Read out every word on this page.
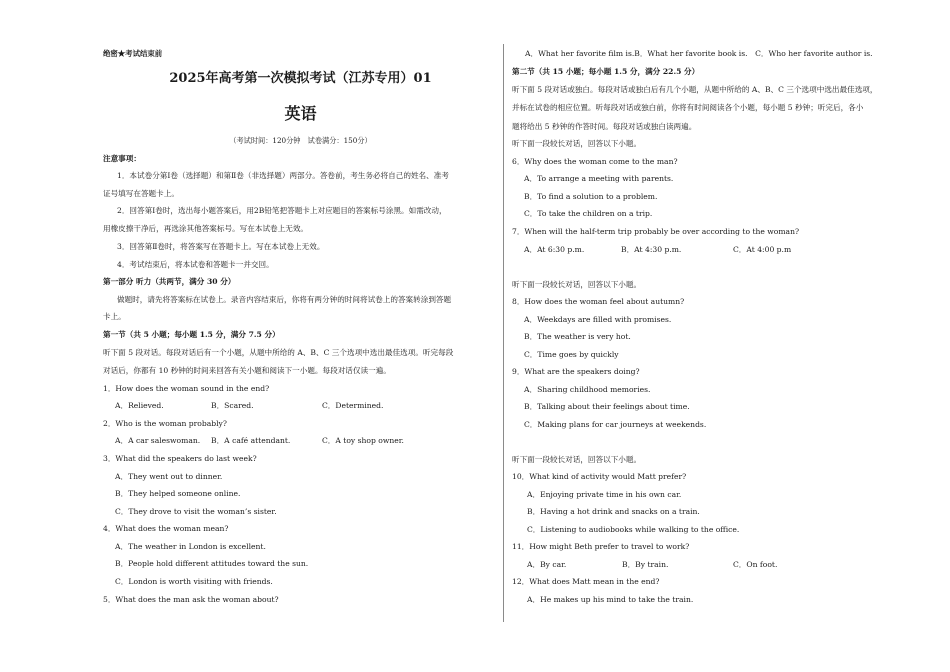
绝密★考试结束前
2025年高考第一次模拟考试（江苏专用）01
英语
（考试时间：120分钟　试卷满分：150分）
注意事项：
1．本试卷分第Ⅰ卷（选择题）和第Ⅱ卷（非选择题）两部分。答卷前，考生务必将自己的姓名、准考
证号填写在答题卡上。
2．回答第Ⅰ卷时，选出每小题答案后，用2B铅笔把答题卡上对应题目的答案标号涂黑。如需改动，
用橡皮擦干净后，再选涂其他答案标号。写在本试卷上无效。
3．回答第Ⅱ卷时，将答案写在答题卡上。写在本试卷上无效。
4．考试结束后，将本试卷和答题卡一并交回。
第一部分 听力（共两节，满分 30 分）
做题时，请先将答案标在试卷上。录音内容结束后，你将有两分钟的时间将试卷上的答案转涂到答题
卡上。
第一节（共 5 小题；每小题 1.5 分，满分 7.5 分）
听下面 5 段对话。每段对话后有一个小题，从题中所给的 A、B、C 三个选项中选出最佳选项。听完每段
对话后，你都有 10 秒钟的时间来回答有关小题和阅读下一小题。每段对话仅读一遍。
1．How does the woman sound in the end?
A．Relieved.	B．Scared.	C．Determined.
2．Who is the woman probably?
A．A car saleswoman. B．A café attendant.	C．A toy shop owner.
3．What did the speakers do last week?
A．They went out to dinner.
B．They helped someone online.
C．They drove to visit the woman’s sister.
4．What does the woman mean?
A．The weather in London is excellent.
B．People hold different attitudes toward the sun.
C．London is worth visiting with friends.
5．What does the man ask the woman about?
A．What her favorite film is.B．What her favorite book is.　C．Who her favorite author is.
第二节（共 15 小题；每小题 1.5 分，满分 22.5 分）
听下面 5 段对话或独白。每段对话或独白后有几个小题，从题中所给的 A、B、C 三个选项中选出最佳选项，
并标在试卷的相应位置。听每段对话或独白前，你将有时间阅读各个小题，每小题 5 秒钟；听完后，各小
题将给出 5 秒钟的作答时间。每段对话或独白读两遍。
听下面一段较长对话，回答以下小题。
6．Why does the woman come to the man?
A．To arrange a meeting with parents.
B．To find a solution to a problem.
C．To take the children on a trip.
7．When will the half-term trip probably be over according to the woman?
A．At 6:30 p.m.	B．At 4:30 p.m.	C．At 4:00 p.m
听下面一段较长对话，回答以下小题。
8．How does the woman feel about autumn?
A．Weekdays are filled with promises.
B．The weather is very hot.
C．Time goes by quickly
9．What are the speakers doing?
A．Sharing childhood memories.
B．Talking about their feelings about time.
C．Making plans for car journeys at weekends.
听下面一段较长对话，回答以下小题。
10．What kind of activity would Matt prefer?
A．Enjoying private time in his own car.
B．Having a hot drink and snacks on a train.
C．Listening to audiobooks while walking to the office.
11．How might Beth prefer to travel to work?
A．By car.	B．By train.	C．On foot.
12．What does Matt mean in the end?
A．He makes up his mind to take the train.
